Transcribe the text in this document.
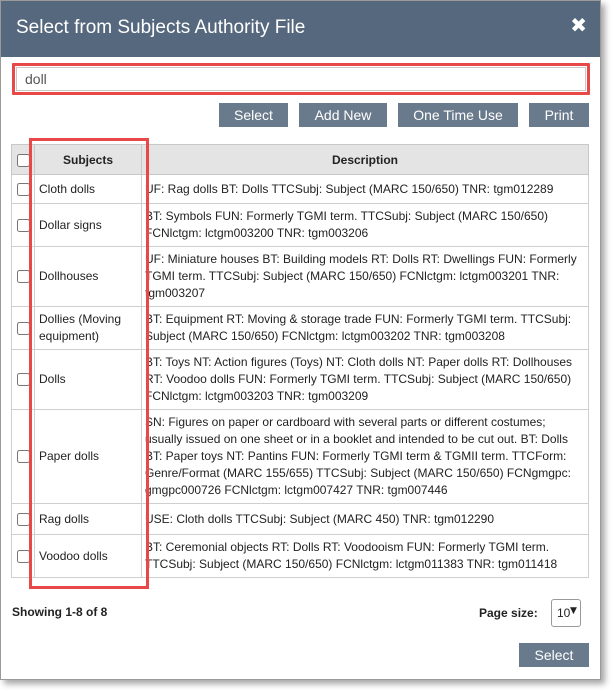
Select from Subjects Authority File	✖
doll
Select	Add New	One Time Use	Print
	Subjects	Description
	Cloth dolls	UF: Rag dolls BT: Dolls TTCSubj: Subject (MARC 150/650) TNR: tgm012289
	Dollar signs	BT: Symbols FUN: Formerly TGMI term. TTCSubj: Subject (MARC 150/650) FCNlctgm: lctgm003200 TNR: tgm003206
	Dollhouses	UF: Miniature houses BT: Building models RT: Dolls RT: Dwellings FUN: Formerly TGMI term. TTCSubj: Subject (MARC 150/650) FCNlctgm: lctgm003201 TNR: tgm003207
	Dollies (Moving equipment)	BT: Equipment RT: Moving & storage trade FUN: Formerly TGMI term. TTCSubj: Subject (MARC 150/650) FCNlctgm: lctgm003202 TNR: tgm003208
	Dolls	BT: Toys NT: Action figures (Toys) NT: Cloth dolls NT: Paper dolls RT: Dollhouses RT: Voodoo dolls FUN: Formerly TGMI term. TTCSubj: Subject (MARC 150/650) FCNlctgm: lctgm003203 TNR: tgm003209
	Paper dolls	SN: Figures on paper or cardboard with several parts or different costumes; usually issued on one sheet or in a booklet and intended to be cut out. BT: Dolls BT: Paper toys NT: Pantins FUN: Formerly TGMI term & TGMII term. TTCForm: Genre/Format (MARC 155/655) TTCSubj: Subject (MARC 150/650) FCNgmgpc: gmgpc000726 FCNlctgm: lctgm007427 TNR: tgm007446
	Rag dolls	USE: Cloth dolls TTCSubj: Subject (MARC 450) TNR: tgm012290
	Voodoo dolls	BT: Ceremonial objects RT: Dolls RT: Voodooism FUN: Formerly TGMI term. TTCSubj: Subject (MARC 150/650) FCNlctgm: lctgm011383 TNR: tgm011418
Showing 1-8 of 8	Page size: 10 ▼
Select
